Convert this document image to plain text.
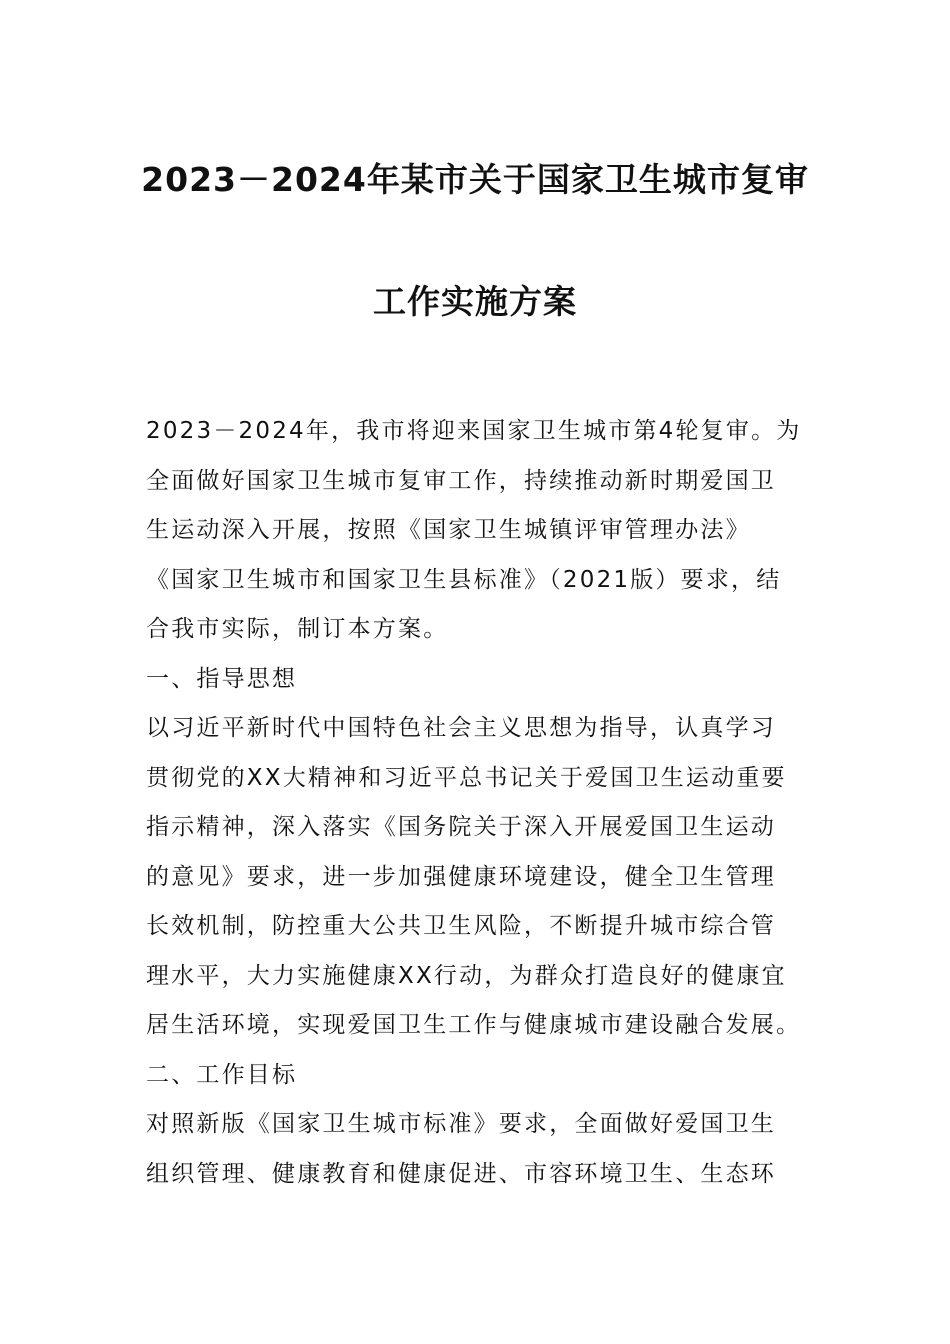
2023－2024年某市关于国家卫生城市复审
工作实施方案
2023－2024年，我市将迎来国家卫生城市第4轮复审。为
全面做好国家卫生城市复审工作，持续推动新时期爱国卫
生运动深入开展，按照《国家卫生城镇评审管理办法》
《国家卫生城市和国家卫生县标准》（2021版）要求，结
合我市实际，制订本方案。
一、指导思想
以习近平新时代中国特色社会主义思想为指导，认真学习
贯彻党的XX大精神和习近平总书记关于爱国卫生运动重要
指示精神，深入落实《国务院关于深入开展爱国卫生运动
的意见》要求，进一步加强健康环境建设，健全卫生管理
长效机制，防控重大公共卫生风险，不断提升城市综合管
理水平，大力实施健康XX行动，为群众打造良好的健康宜
居生活环境，实现爱国卫生工作与健康城市建设融合发展。
二、工作目标
对照新版《国家卫生城市标准》要求，全面做好爱国卫生
组织管理、健康教育和健康促进、市容环境卫生、生态环
